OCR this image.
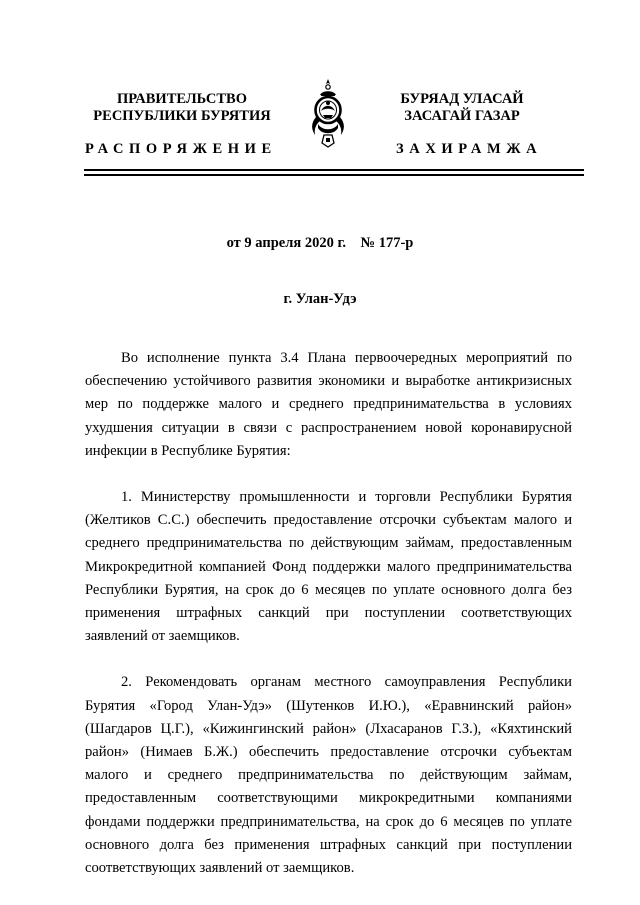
ПРАВИТЕЛЬСТВО
РЕСПУБЛИКИ БУРЯТИЯ
БУРЯАД УЛАСАЙ
ЗАСАГАЙ ГАЗАР
РАСПОРЯЖЕНИЕ	ЗАХИРАМЖА
от 9 апреля 2020 г.    № 177-р
г. Улан-Удэ

Во исполнение пункта 3.4 Плана первоочередных мероприятий по обеспечению устойчивого развития экономики и выработке антикризисных мер по поддержке малого и среднего предпринимательства в условиях ухудшения ситуации в связи с распространением новой коронавирусной инфекции в Республике Бурятия:

1. Министерству промышленности и торговли Республики Бурятия (Желтиков С.С.) обеспечить предоставление отсрочки субъектам малого и среднего предпринимательства по действующим займам, предоставленным Микрокредитной компанией Фонд поддержки малого предпринимательства Республики Бурятия, на срок до 6 месяцев по уплате основного долга без применения штрафных санкций при поступлении соответствующих заявлений от заемщиков.

2. Рекомендовать органам местного самоуправления Республики Бурятия «Город Улан-Удэ» (Шутенков И.Ю.), «Еравнинский район» (Шагдаров Ц.Г.), «Кижингинский район» (Лхасаранов Г.З.), «Кяхтинский район» (Нимаев Б.Ж.) обеспечить предоставление отсрочки субъектам малого и среднего предпринимательства по действующим займам, предоставленным соответствующими микрокредитными компаниями фондами поддержки предпринимательства, на срок до 6 месяцев по уплате основного долга без применения штрафных санкций при поступлении соответствующих заявлений от заемщиков.
